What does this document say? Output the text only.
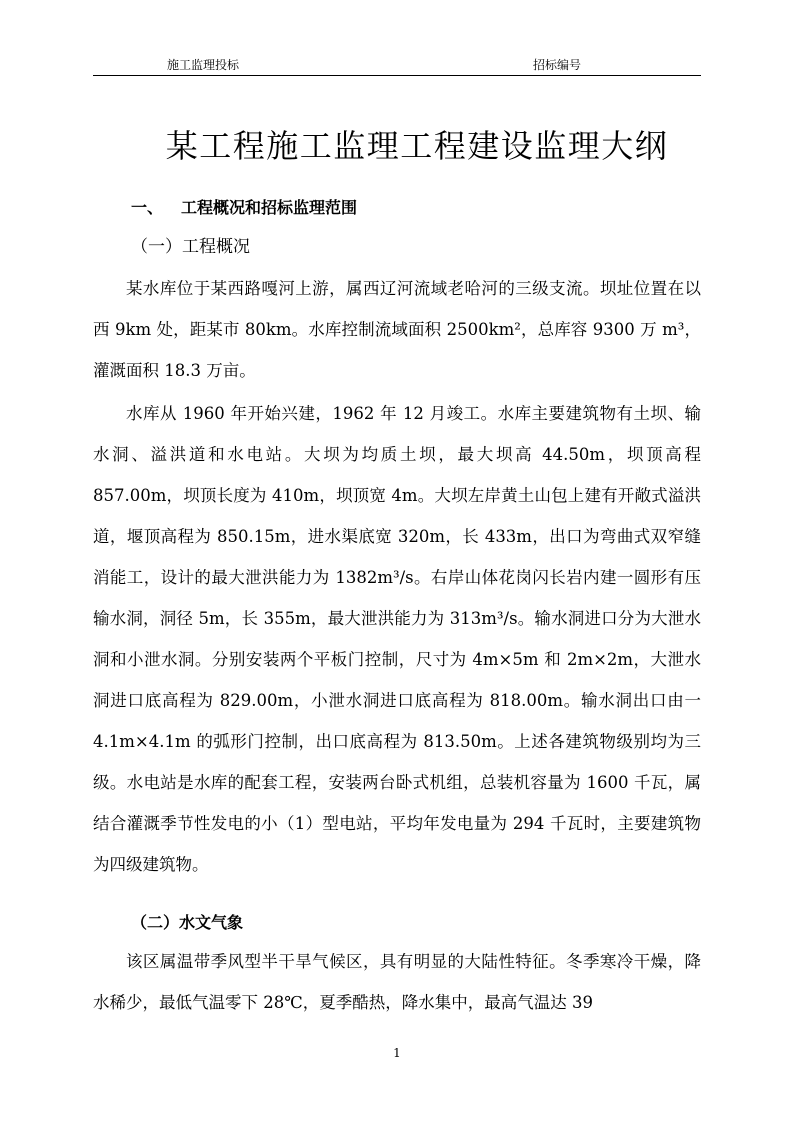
施工监理投标	招标编号
某工程施工监理工程建设监理大纲
一、 工程概况和招标监理范围
（一）工程概况

某水库位于某西路嘎河上游，属西辽河流域老哈河的三级支流。坝址位置在以西 9km 处，距某市 80km。水库控制流域面积 2500km²，总库容 9300 万 m³，灌溉面积 18.3 万亩。

水库从 1960 年开始兴建，1962 年 12 月竣工。水库主要建筑物有土坝、输水洞、溢洪道和水电站。大坝为均质土坝，最大坝高 44.50m，坝顶高程 857.00m，坝顶长度为 410m，坝顶宽 4m。大坝左岸黄土山包上建有开敞式溢洪道，堰顶高程为 850.15m，进水渠底宽 320m，长 433m，出口为弯曲式双窄缝消能工，设计的最大泄洪能力为 1382m³/s。右岸山体花岗闪长岩内建一圆形有压输水洞，洞径 5m，长 355m，最大泄洪能力为 313m³/s。输水洞进口分为大泄水洞和小泄水洞。分别安装两个平板门控制，尺寸为 4m×5m 和 2m×2m，大泄水洞进口底高程为 829.00m，小泄水洞进口底高程为 818.00m。输水洞出口由一 4.1m×4.1m 的弧形门控制，出口底高程为 813.50m。上述各建筑物级别均为三级。水电站是水库的配套工程，安装两台卧式机组，总装机容量为 1600 千瓦，属结合灌溉季节性发电的小（1）型电站，平均年发电量为 294 千瓦时，主要建筑物为四级建筑物。

（二）水文气象

该区属温带季风型半干旱气候区，具有明显的大陆性特征。冬季寒冷干燥，降水稀少，最低气温零下 28℃，夏季酷热，降水集中，最高气温达 39

1
